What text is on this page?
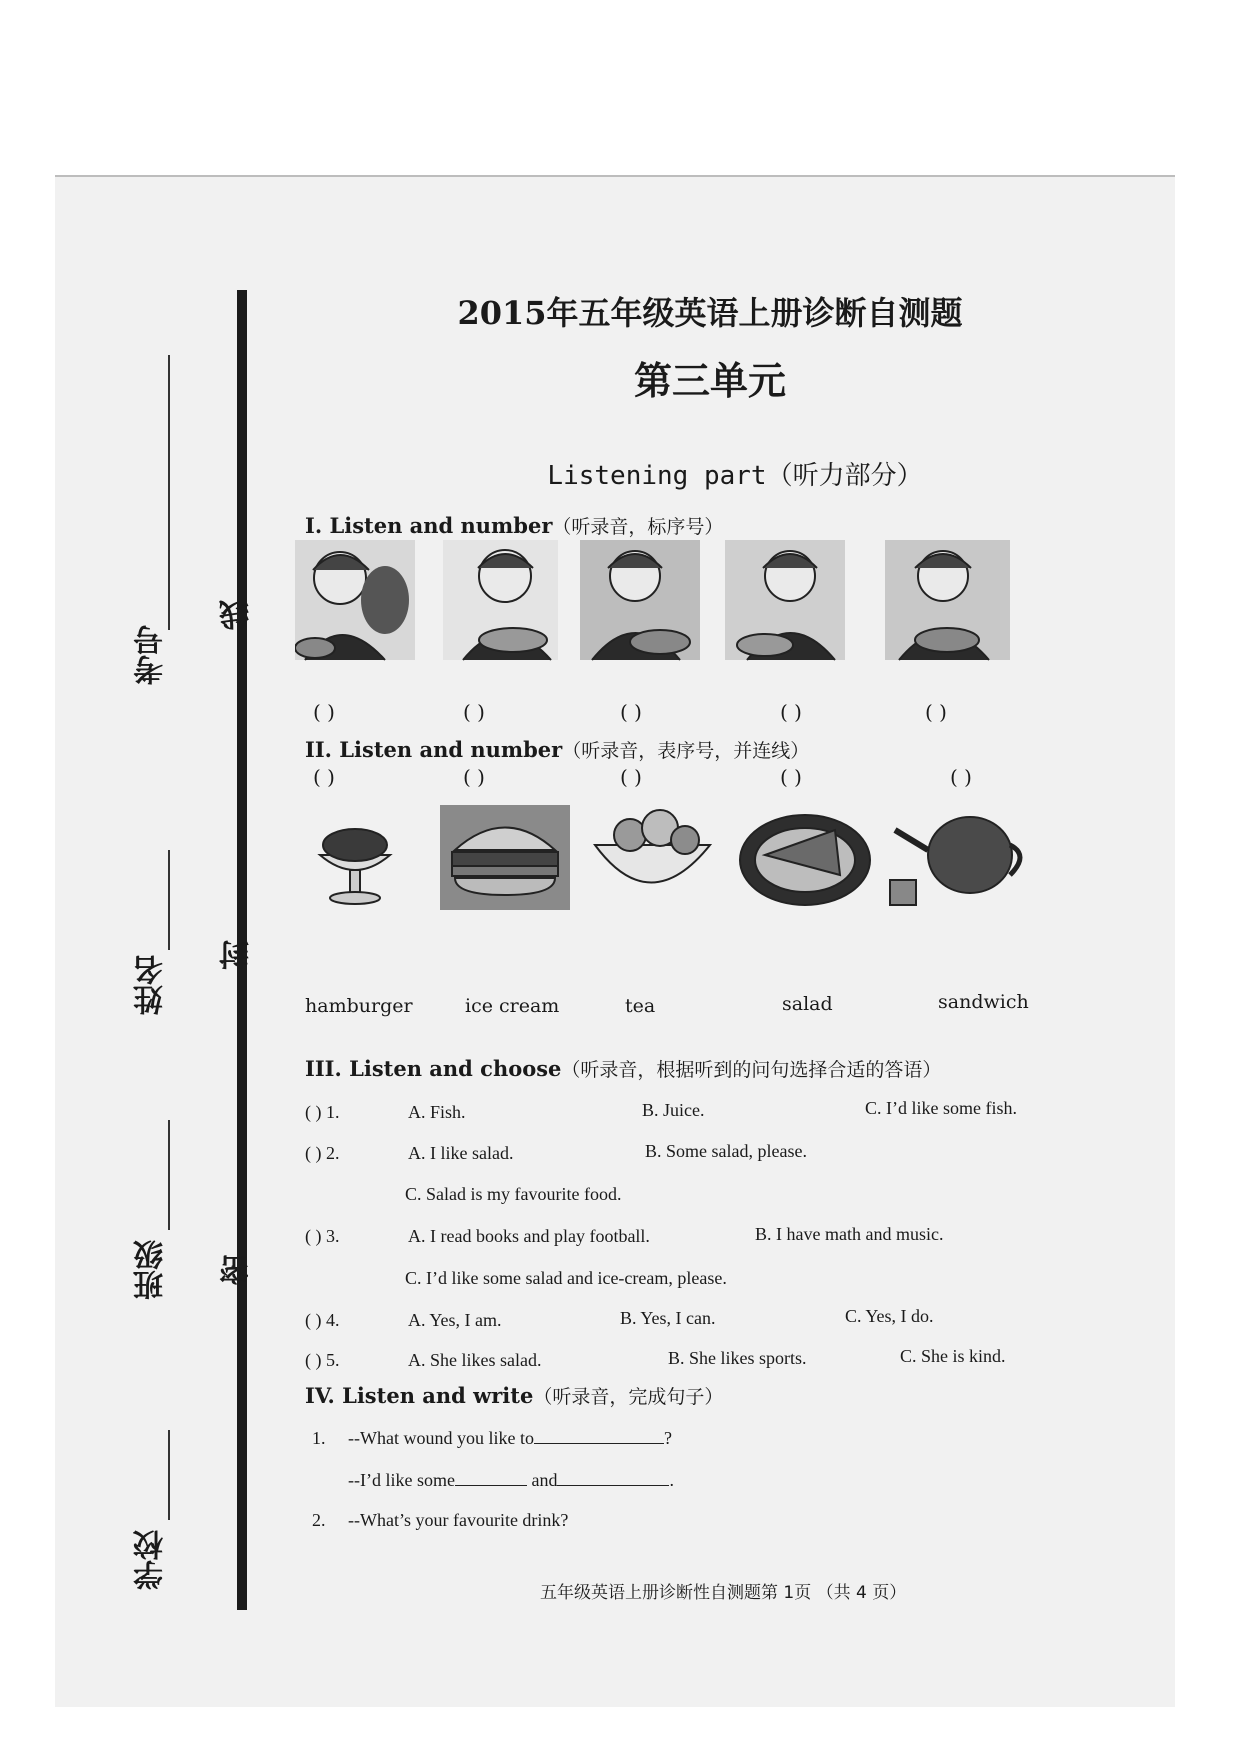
考号
线
姓名 封
班级 密
学校
2015年五年级英语上册诊断自测题
第三单元
Listening part（听力部分）
I. Listen and number（听录音，标序号）
( )	( )	( )	( )	( )
II. Listen and number（听录音，表序号，并连线）
( )	( )	( )	( )	( )
hamburger	ice cream	tea	salad	sandwich
III. Listen and choose（听录音，根据听到的问句选择合适的答语）
( ) 1.	A. Fish.	B. Juice.	C. I’d like some fish.
( ) 2.	A. I like salad.	B. Some salad, please.
C. Salad is my favourite food.
( ) 3.	A. I read books and play football.	B. I have math and music.
C. I’d like some salad and ice-cream, please.
( ) 4.	A. Yes, I am.	B. Yes, I can.	C. Yes, I do.
( ) 5.	A. She likes salad.	B. She likes sports.	C. She is kind.
IV. Listen and write（听录音，完成句子）
1. --What wound you like to	?
--I’d like some	and	.
2. --What’s your favourite drink?
五年级英语上册诊断性自测题第 1页 （共 4 页）
